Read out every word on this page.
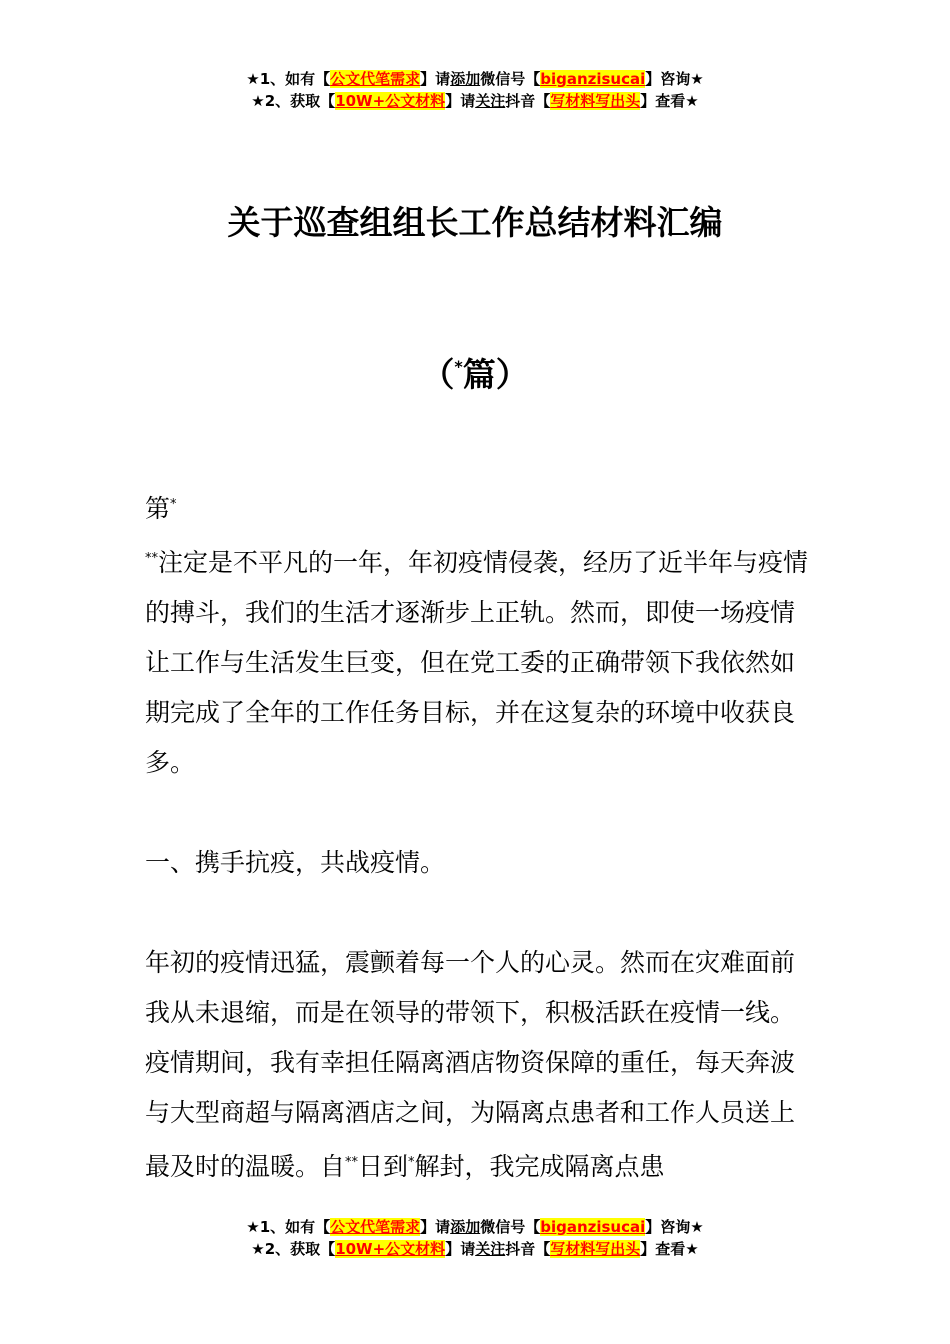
★1、如有【公文代笔需求】请添加微信号【biganzisucai】咨询★
★2、获取【10W+公文材料】请关注抖音【写材料写出头】查看★
关于巡查组组长工作总结材料汇编
（*篇）

第*

**注定是不平凡的一年，年初疫情侵袭，经历了近半年与疫情的搏斗，我们的生活才逐渐步上正轨。然而，即使一场疫情让工作与生活发生巨变，但在党工委的正确带领下我依然如期完成了全年的工作任务目标，并在这复杂的环境中收获良多。

一、携手抗疫，共战疫情。

年初的疫情迅猛，震颤着每一个人的心灵。然而在灾难面前我从未退缩，而是在领导的带领下，积极活跃在疫情一线。疫情期间，我有幸担任隔离酒店物资保障的重任，每天奔波与大型商超与隔离酒店之间，为隔离点患者和工作人员送上最及时的温暖。自**日到*解封，我完成隔离点患

★1、如有【公文代笔需求】请添加微信号【biganzisucai】咨询★
★2、获取【10W+公文材料】请关注抖音【写材料写出头】查看★
